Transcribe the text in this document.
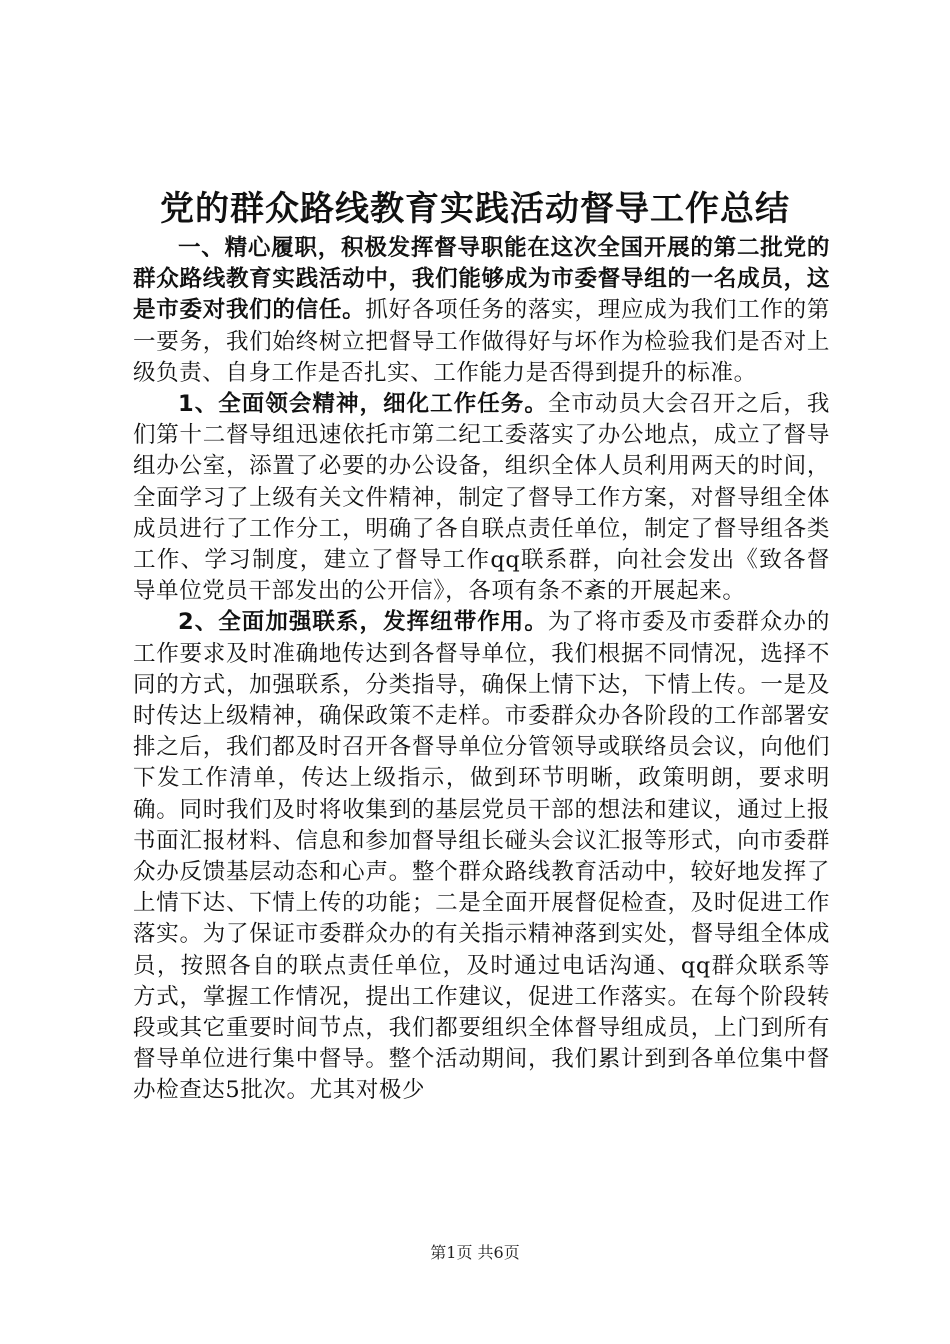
党的群众路线教育实践活动督导工作总结

一、精心履职，积极发挥督导职能在这次全国开展的第二批党的群众路线教育实践活动中，我们能够成为市委督导组的一名成员，这是市委对我们的信任。抓好各项任务的落实，理应成为我们工作的第一要务，我们始终树立把督导工作做得好与坏作为检验我们是否对上级负责、自身工作是否扎实、工作能力是否得到提升的标准。

1、全面领会精神，细化工作任务。全市动员大会召开之后，我们第十二督导组迅速依托市第二纪工委落实了办公地点，成立了督导组办公室，添置了必要的办公设备，组织全体人员利用两天的时间，全面学习了上级有关文件精神，制定了督导工作方案，对督导组全体成员进行了工作分工，明确了各自联点责任单位，制定了督导组各类工作、学习制度，建立了督导工作qq联系群，向社会发出《致各督导单位党员干部发出的公开信》，各项有条不紊的开展起来。

2、全面加强联系，发挥纽带作用。为了将市委及市委群众办的工作要求及时准确地传达到各督导单位，我们根据不同情况，选择不同的方式，加强联系，分类指导，确保上情下达，下情上传。一是及时传达上级精神，确保政策不走样。市委群众办各阶段的工作部署安排之后，我们都及时召开各督导单位分管领导或联络员会议，向他们下发工作清单，传达上级指示，做到环节明晰，政策明朗，要求明确。同时我们及时将收集到的基层党员干部的想法和建议，通过上报书面汇报材料、信息和参加督导组长碰头会议汇报等形式，向市委群众办反馈基层动态和心声。整个群众路线教育活动中，较好地发挥了上情下达、下情上传的功能；二是全面开展督促检查，及时促进工作落实。为了保证市委群众办的有关指示精神落到实处，督导组全体成员，按照各自的联点责任单位，及时通过电话沟通、qq群众联系等方式，掌握工作情况，提出工作建议，促进工作落实。在每个阶段转段或其它重要时间节点，我们都要组织全体督导组成员，上门到所有督导单位进行集中督导。整个活动期间，我们累计到到各单位集中督办检查达5批次。尤其对极少

第1页 共6页
